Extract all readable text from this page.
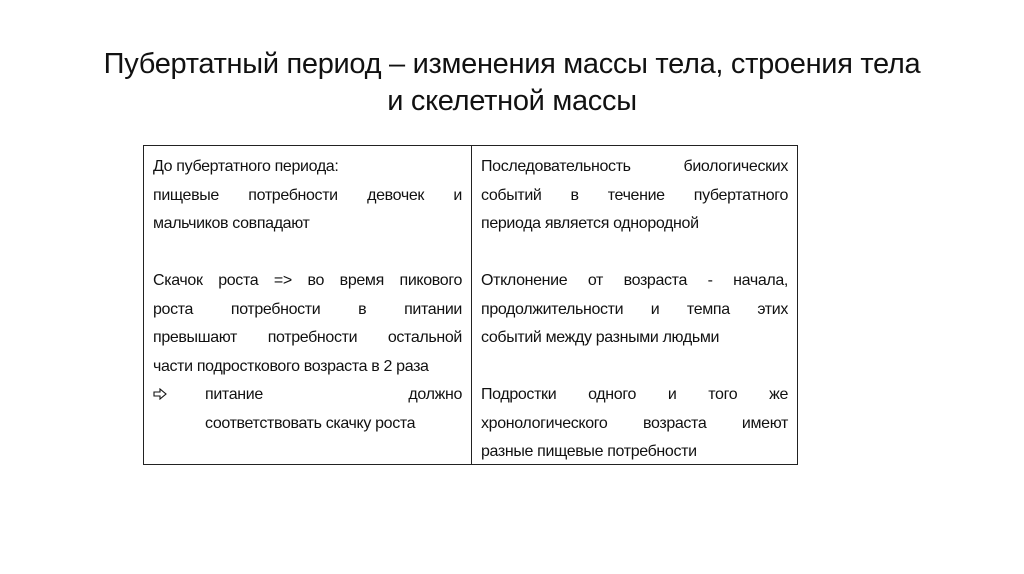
Пубертатный период – изменения массы тела, строения тела
и скелетной массы
До пубертатного периода:
пищевые потребности девочек и
мальчиков совпадают
Скачок роста => во время пикового
роста потребности в питании
превышают потребности остальной
части подросткового возраста в 2 раза
питание должно
соответствовать скачку роста
Последовательность биологических
событий в течение пубертатного
периода является однородной
Отклонение от возраста - начала,
продолжительности и темпа этих
событий между разными людьми
Подростки одного и того же
хронологического возраста имеют
разные пищевые потребности
